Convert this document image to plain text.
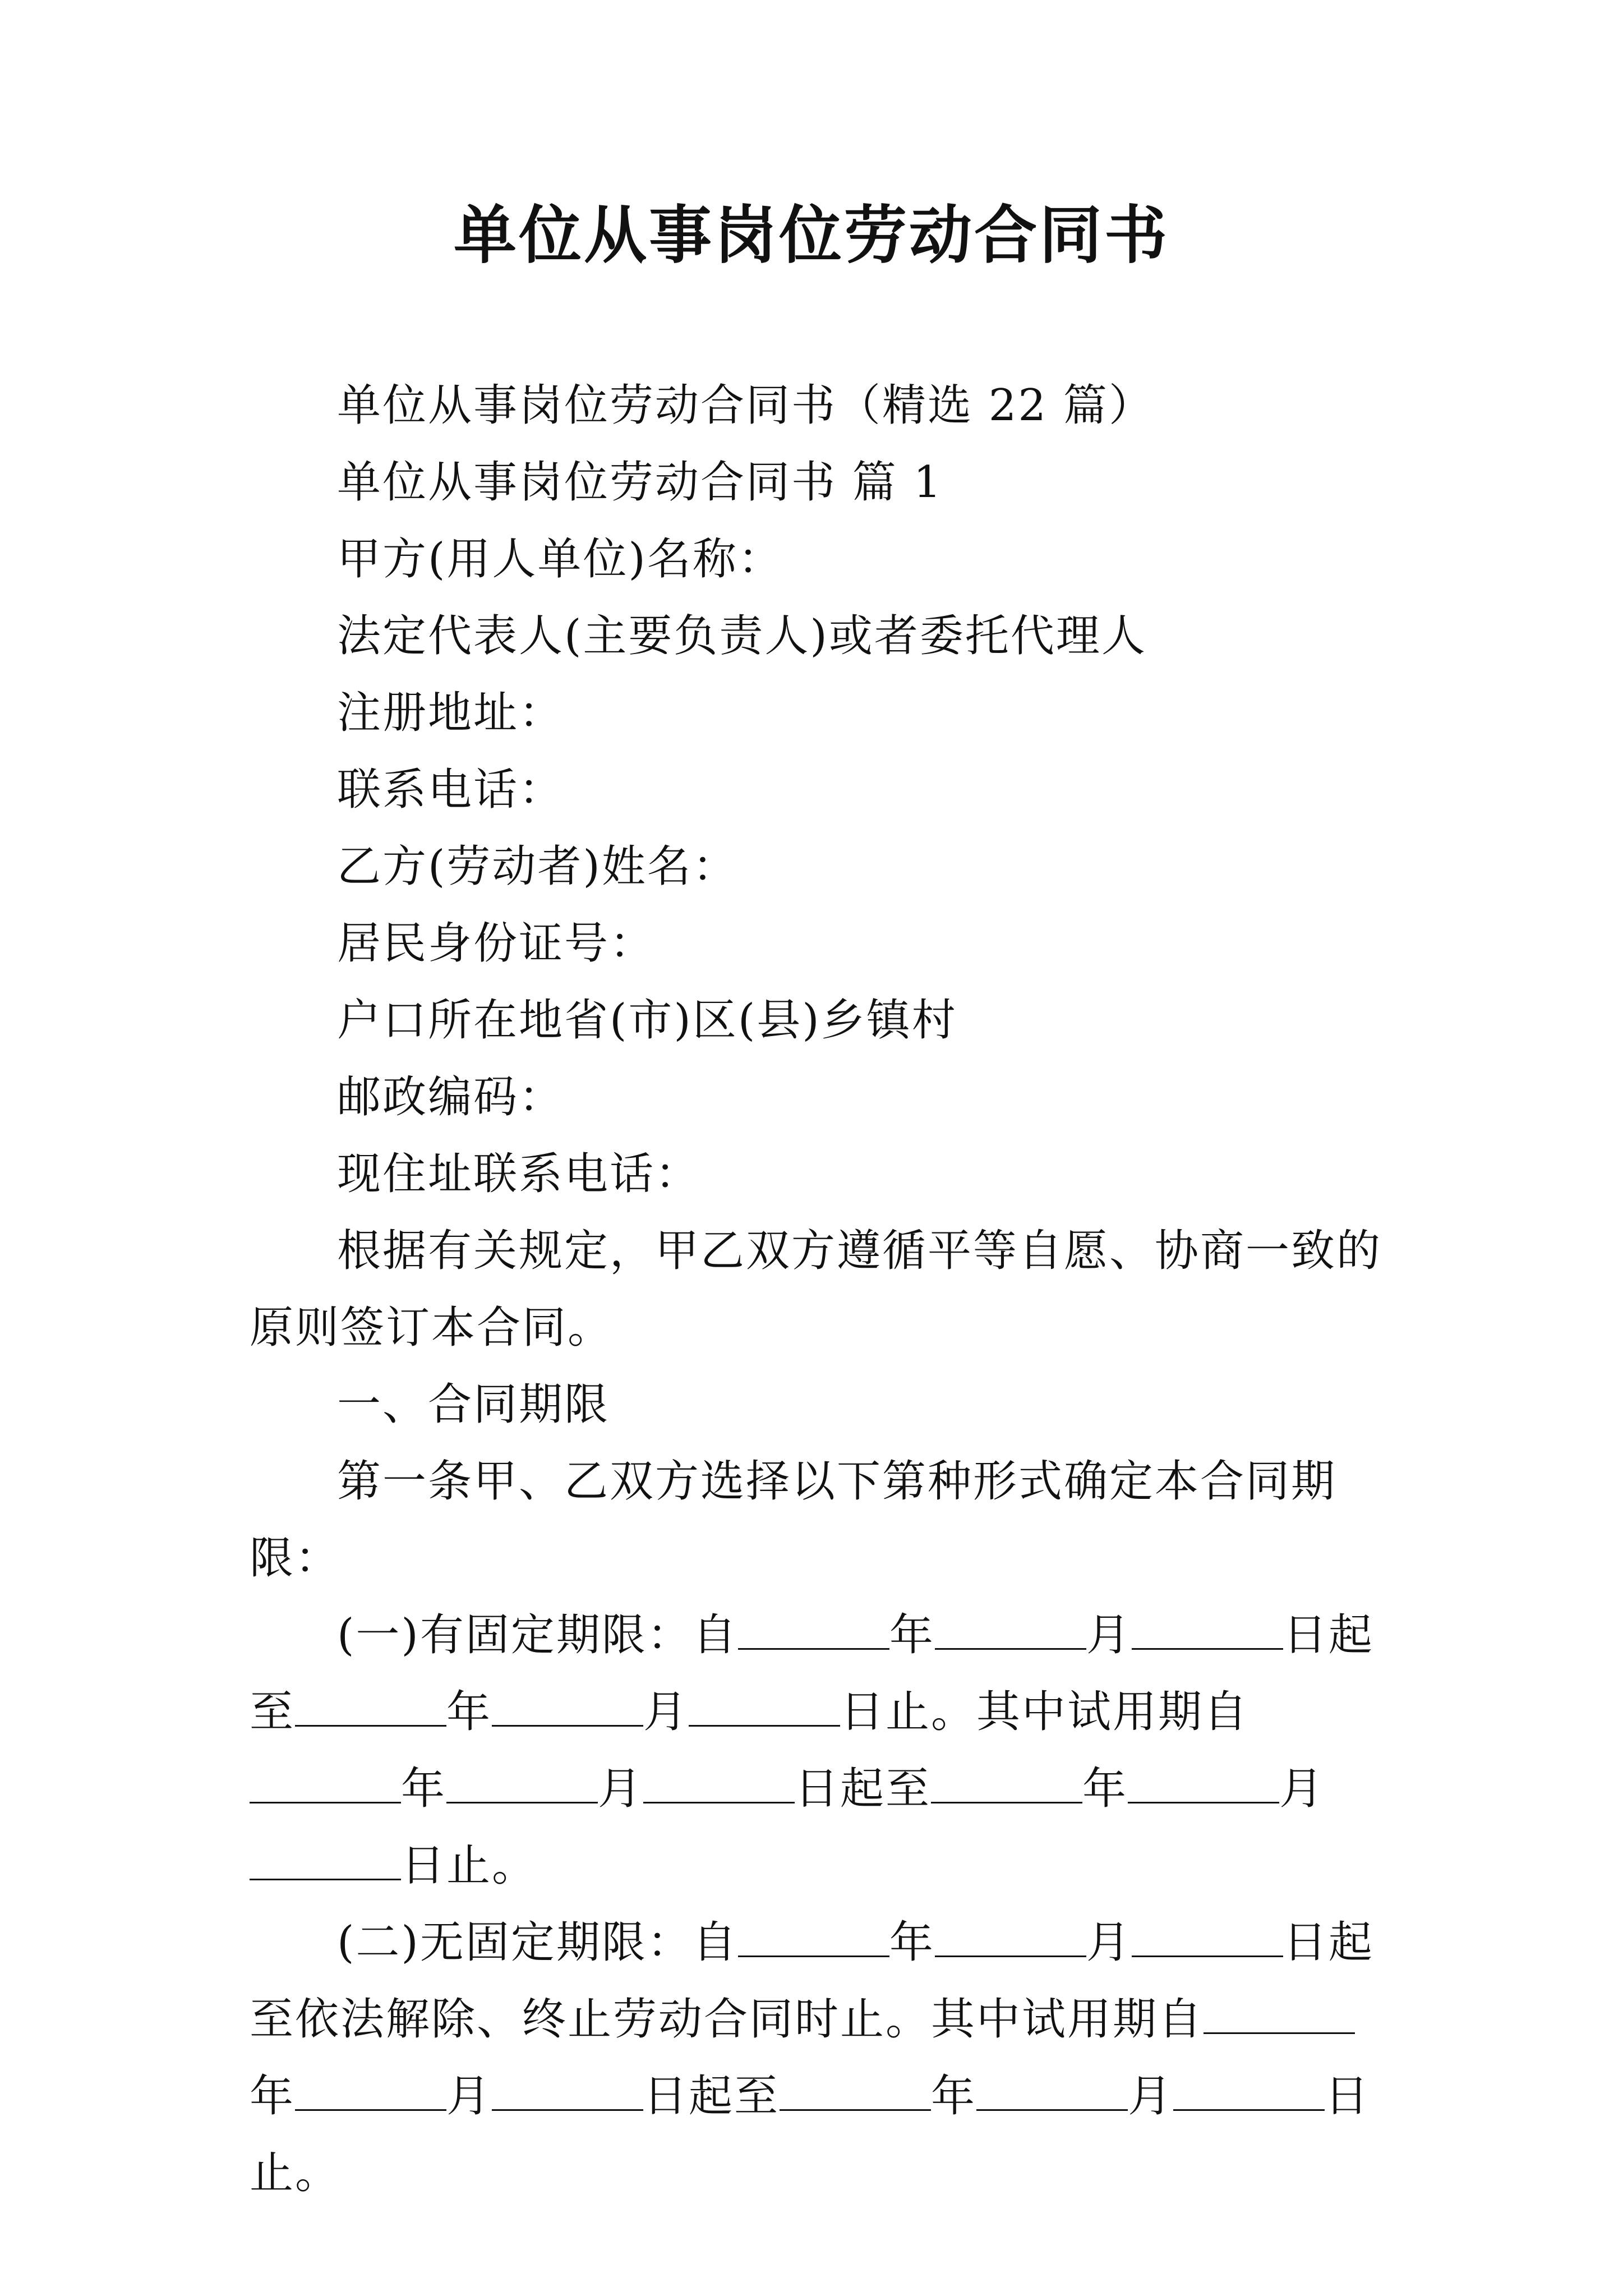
单位从事岗位劳动合同书

单位从事岗位劳动合同书（精选 22 篇）

单位从事岗位劳动合同书 篇 1

甲方(用人单位)名称：

法定代表人(主要负责人)或者委托代理人

注册地址：

联系电话：

乙方(劳动者)姓名：

居民身份证号：

户口所在地省(市)区(县)乡镇村

邮政编码：

现住址联系电话：

根据有关规定，甲乙双方遵循平等自愿、协商一致的原则签订本合同。

一、合同期限

第一条甲、乙双方选择以下第种形式确定本合同期限：

(一)有固定期限：自	年	月	日起至	年	月	日止。其中试用期自年	月	日起至	年	月日止。

(二)无固定期限：自	年	月	日起至依法解除、终止劳动合同时止。其中试用期自年	月	日起至	年	月	日止。
